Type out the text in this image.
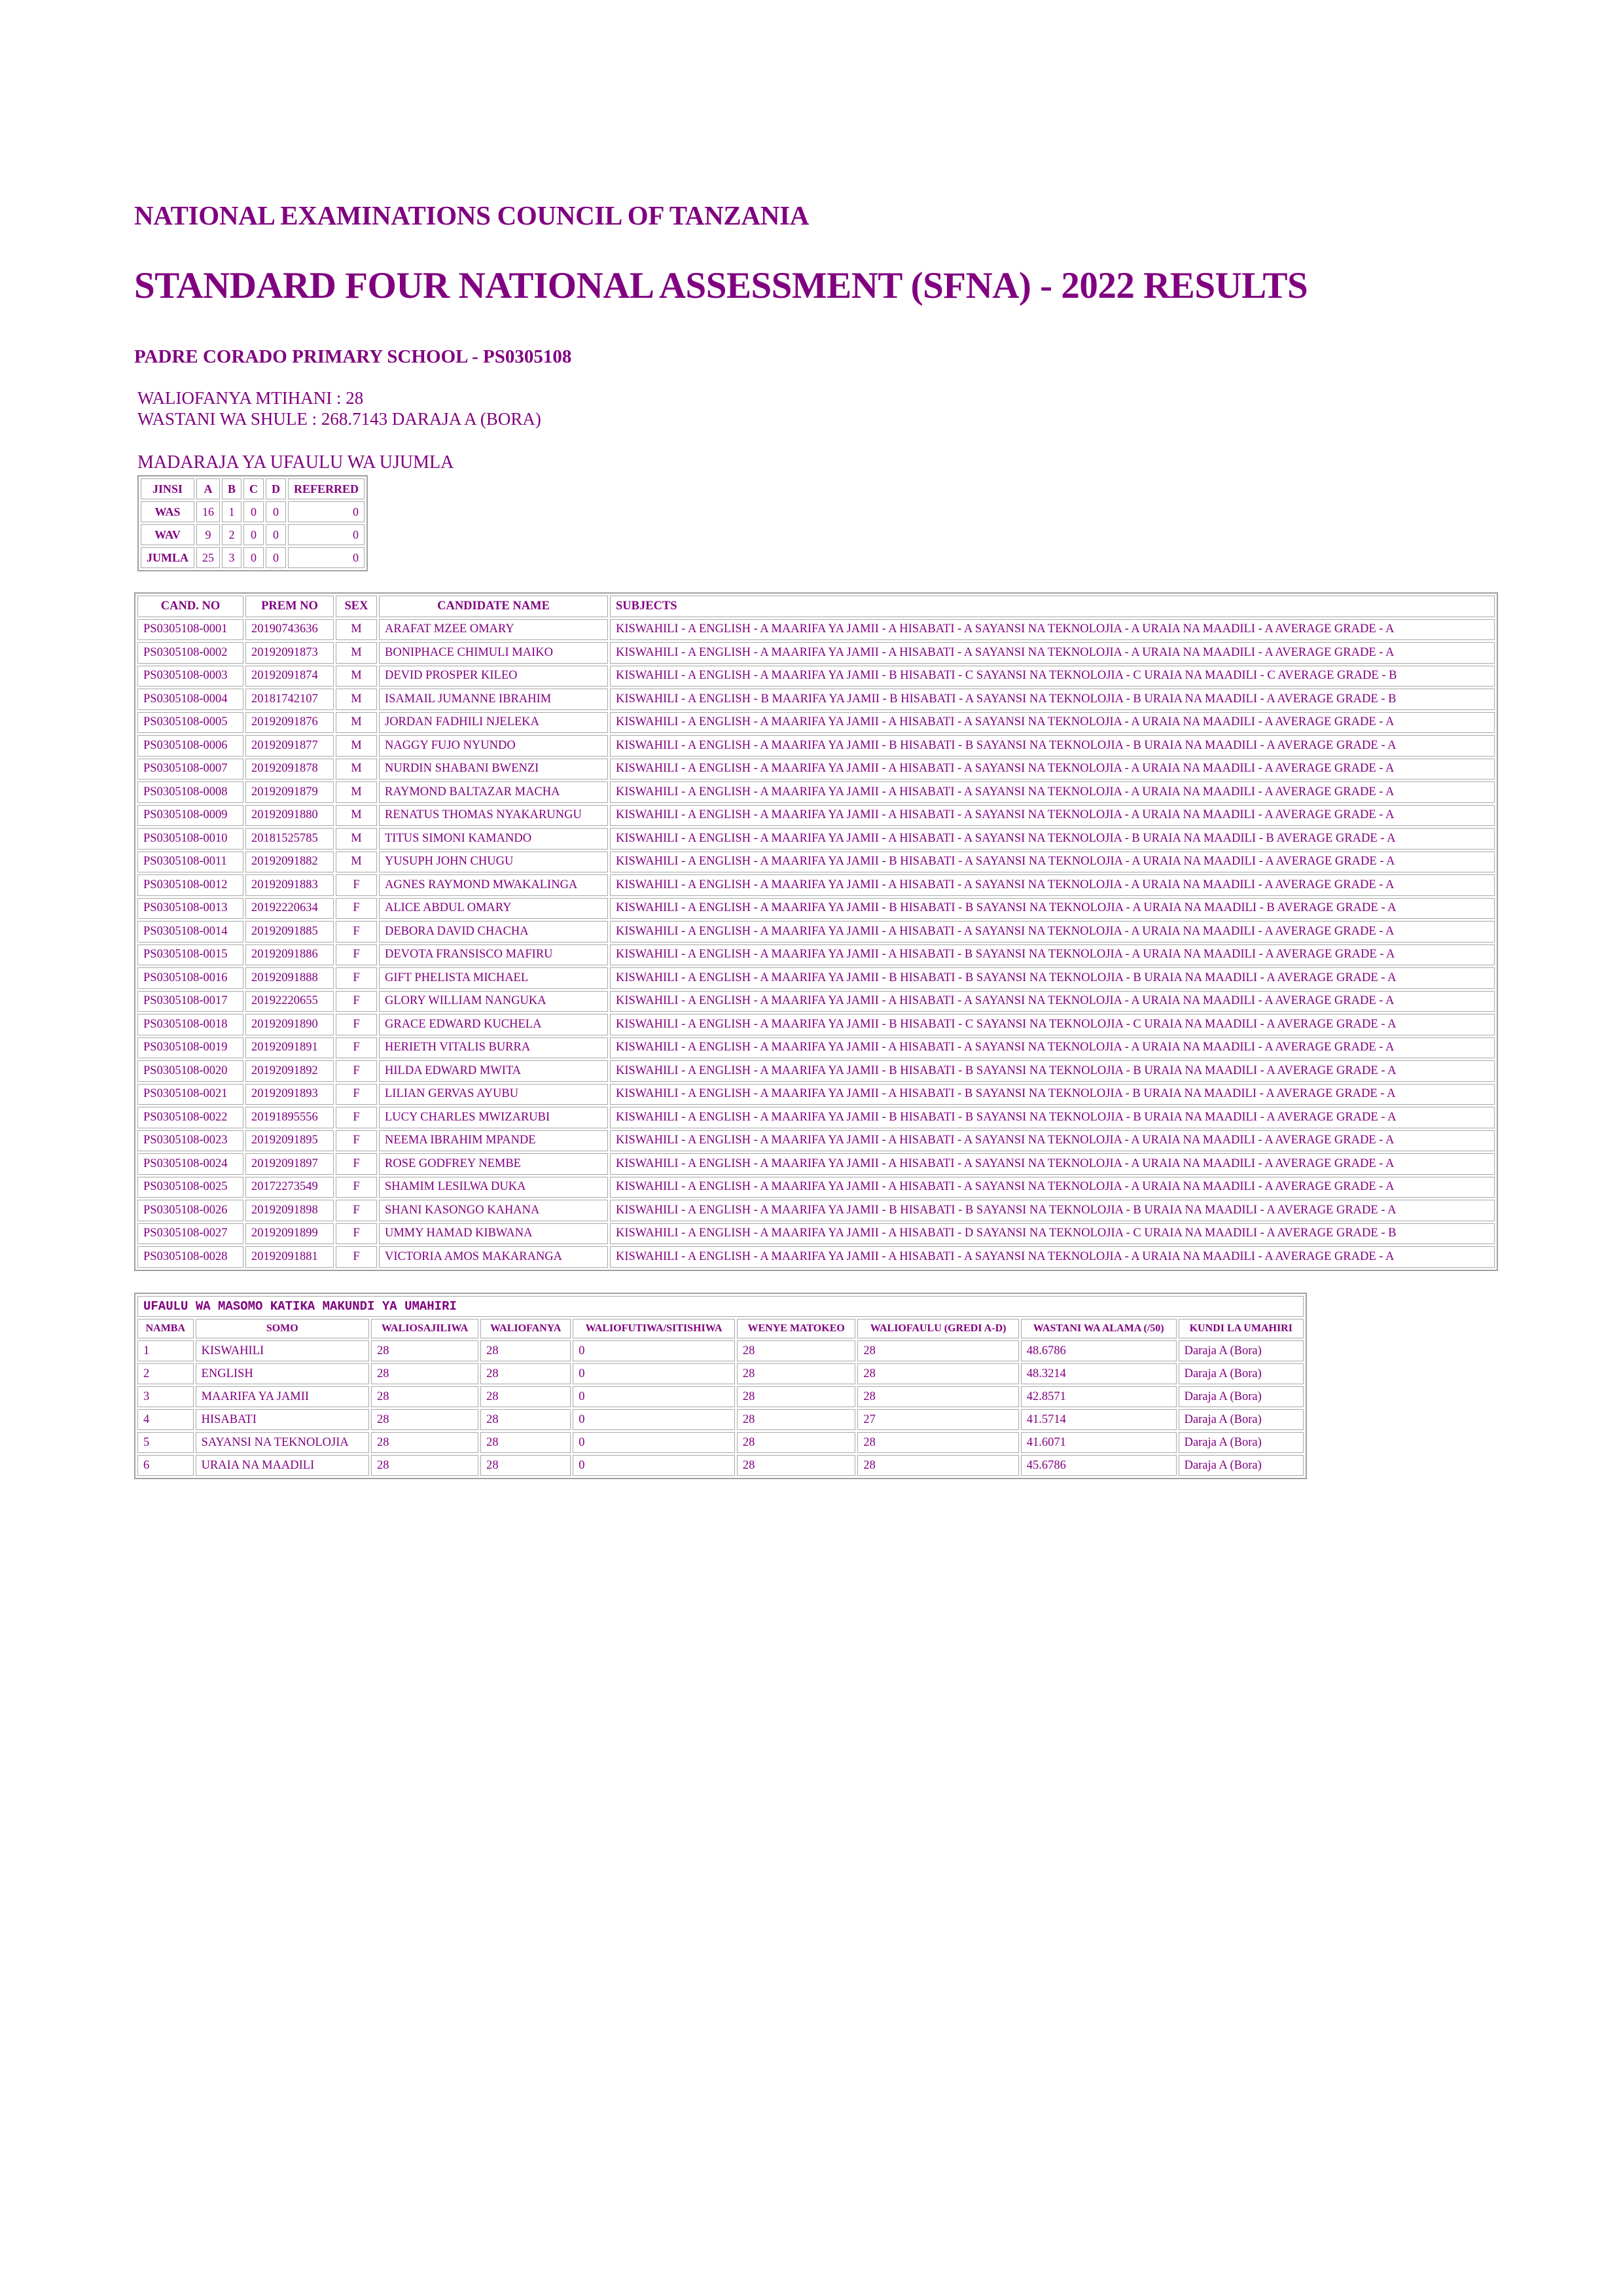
NATIONAL EXAMINATIONS COUNCIL OF TANZANIA
STANDARD FOUR NATIONAL ASSESSMENT (SFNA) - 2022 RESULTS
PADRE CORADO PRIMARY SCHOOL - PS0305108
WALIOFANYA MTIHANI : 28
WASTANI WA SHULE : 268.7143 DARAJA A (BORA)
MADARAJA YA UFAULU WA UJUMLA
JINSI	A	B	C	D	REFERRED
WAS	16	1	0	0	0
WAV	9	2	0	0	0
JUMLA	25	3	0	0	0
CAND. NO	PREM NO	SEX	CANDIDATE NAME	SUBJECTS
PS0305108-0001	20190743636	M	ARAFAT MZEE OMARY	KISWAHILI - A ENGLISH - A MAARIFA YA JAMII - A HISABATI - A SAYANSI NA TEKNOLOJIA - A URAIA NA MAADILI - A AVERAGE GRADE - A
PS0305108-0002	20192091873	M	BONIPHACE CHIMULI MAIKO	KISWAHILI - A ENGLISH - A MAARIFA YA JAMII - A HISABATI - A SAYANSI NA TEKNOLOJIA - A URAIA NA MAADILI - A AVERAGE GRADE - A
PS0305108-0003	20192091874	M	DEVID PROSPER KILEO	KISWAHILI - A ENGLISH - A MAARIFA YA JAMII - B HISABATI - C SAYANSI NA TEKNOLOJIA - C URAIA NA MAADILI - C AVERAGE GRADE - B
PS0305108-0004	20181742107	M	ISAMAIL JUMANNE IBRAHIM	KISWAHILI - A ENGLISH - B MAARIFA YA JAMII - B HISABATI - A SAYANSI NA TEKNOLOJIA - B URAIA NA MAADILI - A AVERAGE GRADE - B
PS0305108-0005	20192091876	M	JORDAN FADHILI NJELEKA	KISWAHILI - A ENGLISH - A MAARIFA YA JAMII - A HISABATI - A SAYANSI NA TEKNOLOJIA - A URAIA NA MAADILI - A AVERAGE GRADE - A
PS0305108-0006	20192091877	M	NAGGY FUJO NYUNDO	KISWAHILI - A ENGLISH - A MAARIFA YA JAMII - B HISABATI - B SAYANSI NA TEKNOLOJIA - B URAIA NA MAADILI - A AVERAGE GRADE - A
PS0305108-0007	20192091878	M	NURDIN SHABANI BWENZI	KISWAHILI - A ENGLISH - A MAARIFA YA JAMII - A HISABATI - A SAYANSI NA TEKNOLOJIA - A URAIA NA MAADILI - A AVERAGE GRADE - A
PS0305108-0008	20192091879	M	RAYMOND BALTAZAR MACHA	KISWAHILI - A ENGLISH - A MAARIFA YA JAMII - A HISABATI - A SAYANSI NA TEKNOLOJIA - A URAIA NA MAADILI - A AVERAGE GRADE - A
PS0305108-0009	20192091880	M	RENATUS THOMAS NYAKARUNGU	KISWAHILI - A ENGLISH - A MAARIFA YA JAMII - A HISABATI - A SAYANSI NA TEKNOLOJIA - A URAIA NA MAADILI - A AVERAGE GRADE - A
PS0305108-0010	20181525785	M	TITUS SIMONI KAMANDO	KISWAHILI - A ENGLISH - A MAARIFA YA JAMII - A HISABATI - A SAYANSI NA TEKNOLOJIA - B URAIA NA MAADILI - B AVERAGE GRADE - A
PS0305108-0011	20192091882	M	YUSUPH JOHN CHUGU	KISWAHILI - A ENGLISH - A MAARIFA YA JAMII - B HISABATI - A SAYANSI NA TEKNOLOJIA - A URAIA NA MAADILI - A AVERAGE GRADE - A
PS0305108-0012	20192091883	F	AGNES RAYMOND MWAKALINGA	KISWAHILI - A ENGLISH - A MAARIFA YA JAMII - A HISABATI - A SAYANSI NA TEKNOLOJIA - A URAIA NA MAADILI - A AVERAGE GRADE - A
PS0305108-0013	20192220634	F	ALICE ABDUL OMARY	KISWAHILI - A ENGLISH - A MAARIFA YA JAMII - B HISABATI - B SAYANSI NA TEKNOLOJIA - A URAIA NA MAADILI - B AVERAGE GRADE - A
PS0305108-0014	20192091885	F	DEBORA DAVID CHACHA	KISWAHILI - A ENGLISH - A MAARIFA YA JAMII - A HISABATI - A SAYANSI NA TEKNOLOJIA - A URAIA NA MAADILI - A AVERAGE GRADE - A
PS0305108-0015	20192091886	F	DEVOTA FRANSISCO MAFIRU	KISWAHILI - A ENGLISH - A MAARIFA YA JAMII - A HISABATI - B SAYANSI NA TEKNOLOJIA - A URAIA NA MAADILI - A AVERAGE GRADE - A
PS0305108-0016	20192091888	F	GIFT PHELISTA MICHAEL	KISWAHILI - A ENGLISH - A MAARIFA YA JAMII - B HISABATI - B SAYANSI NA TEKNOLOJIA - B URAIA NA MAADILI - A AVERAGE GRADE - A
PS0305108-0017	20192220655	F	GLORY WILLIAM NANGUKA	KISWAHILI - A ENGLISH - A MAARIFA YA JAMII - A HISABATI - A SAYANSI NA TEKNOLOJIA - A URAIA NA MAADILI - A AVERAGE GRADE - A
PS0305108-0018	20192091890	F	GRACE EDWARD KUCHELA	KISWAHILI - A ENGLISH - A MAARIFA YA JAMII - B HISABATI - C SAYANSI NA TEKNOLOJIA - C URAIA NA MAADILI - A AVERAGE GRADE - A
PS0305108-0019	20192091891	F	HERIETH VITALIS BURRA	KISWAHILI - A ENGLISH - A MAARIFA YA JAMII - A HISABATI - A SAYANSI NA TEKNOLOJIA - A URAIA NA MAADILI - A AVERAGE GRADE - A
PS0305108-0020	20192091892	F	HILDA EDWARD MWITA	KISWAHILI - A ENGLISH - A MAARIFA YA JAMII - B HISABATI - B SAYANSI NA TEKNOLOJIA - B URAIA NA MAADILI - A AVERAGE GRADE - A
PS0305108-0021	20192091893	F	LILIAN GERVAS AYUBU	KISWAHILI - A ENGLISH - A MAARIFA YA JAMII - A HISABATI - B SAYANSI NA TEKNOLOJIA - B URAIA NA MAADILI - A AVERAGE GRADE - A
PS0305108-0022	20191895556	F	LUCY CHARLES MWIZARUBI	KISWAHILI - A ENGLISH - A MAARIFA YA JAMII - B HISABATI - B SAYANSI NA TEKNOLOJIA - B URAIA NA MAADILI - A AVERAGE GRADE - A
PS0305108-0023	20192091895	F	NEEMA IBRAHIM MPANDE	KISWAHILI - A ENGLISH - A MAARIFA YA JAMII - A HISABATI - A SAYANSI NA TEKNOLOJIA - A URAIA NA MAADILI - A AVERAGE GRADE - A
PS0305108-0024	20192091897	F	ROSE GODFREY NEMBE	KISWAHILI - A ENGLISH - A MAARIFA YA JAMII - A HISABATI - A SAYANSI NA TEKNOLOJIA - A URAIA NA MAADILI - A AVERAGE GRADE - A
PS0305108-0025	20172273549	F	SHAMIM LESILWA DUKA	KISWAHILI - A ENGLISH - A MAARIFA YA JAMII - A HISABATI - A SAYANSI NA TEKNOLOJIA - A URAIA NA MAADILI - A AVERAGE GRADE - A
PS0305108-0026	20192091898	F	SHANI KASONGO KAHANA	KISWAHILI - A ENGLISH - A MAARIFA YA JAMII - B HISABATI - B SAYANSI NA TEKNOLOJIA - B URAIA NA MAADILI - A AVERAGE GRADE - A
PS0305108-0027	20192091899	F	UMMY HAMAD KIBWANA	KISWAHILI - A ENGLISH - A MAARIFA YA JAMII - A HISABATI - D SAYANSI NA TEKNOLOJIA - C URAIA NA MAADILI - A AVERAGE GRADE - B
PS0305108-0028	20192091881	F	VICTORIA AMOS MAKARANGA	KISWAHILI - A ENGLISH - A MAARIFA YA JAMII - A HISABATI - A SAYANSI NA TEKNOLOJIA - A URAIA NA MAADILI - A AVERAGE GRADE - A
UFAULU WA MASOMO KATIKA MAKUNDI YA UMAHIRI								
NAMBA	SOMO	WALIOSAJILIWA	WALIOFANYA	WALIOFUTIWA/SITISHIWA	WENYE MATOKEO	WALIOFAULU (GREDI A-D)	WASTANI WA ALAMA (/50)	KUNDI LA UMAHIRI
1	KISWAHILI	28	28	0	28	28	48.6786	Daraja A (Bora)
2	ENGLISH	28	28	0	28	28	48.3214	Daraja A (Bora)
3	MAARIFA YA JAMII	28	28	0	28	28	42.8571	Daraja A (Bora)
4	HISABATI	28	28	0	28	27	41.5714	Daraja A (Bora)
5	SAYANSI NA TEKNOLOJIA	28	28	0	28	28	41.6071	Daraja A (Bora)
6	URAIA NA MAADILI	28	28	0	28	28	45.6786	Daraja A (Bora)
